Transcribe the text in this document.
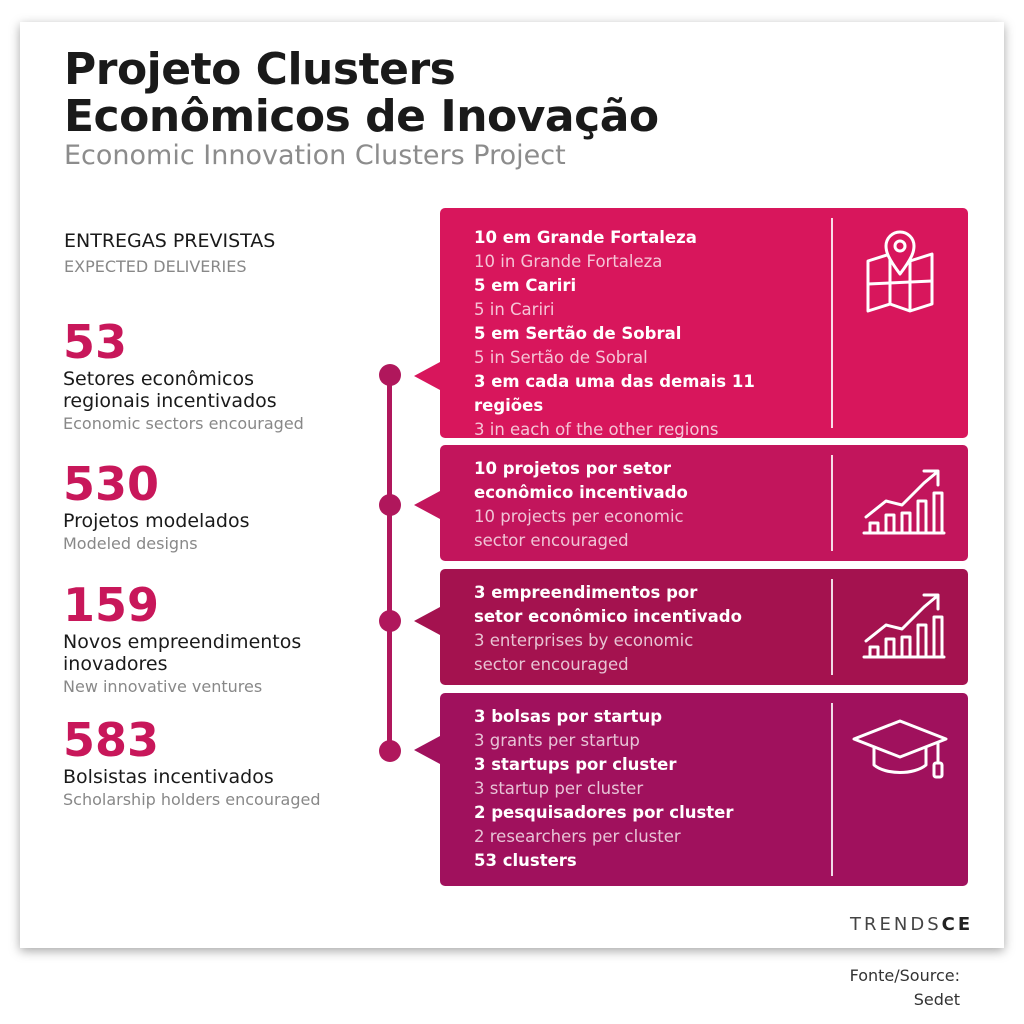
Projeto Clusters
Econômicos de Inovação
Economic Innovation Clusters Project
ENTREGAS PREVISTAS
EXPECTED DELIVERIES
53
Setores econômicos
regionais incentivados
Economic sectors encouraged
530
Projetos modelados
Modeled designs
159
Novos empreendimentos
inovadores
New innovative ventures
583
Bolsistas incentivados
Scholarship holders encouraged
10 em Grande Fortaleza
10 in Grande Fortaleza
5 em Cariri
5 in Cariri
5 em Sertão de Sobral
5 in Sertão de Sobral
3 em cada uma das demais 11 regiões
3 in each of the other regions
10 projetos por setor
econômico incentivado
10 projects per economic
sector encouraged
3 empreendimentos por
setor econômico incentivado
3 enterprises by economic
sector encouraged
3 bolsas por startup
3 grants per startup
3 startups por cluster
3 startup per cluster
2 pesquisadores por cluster
2 researchers per cluster
53 clusters
TRENDSCE
Fonte/Source:
Sedet
